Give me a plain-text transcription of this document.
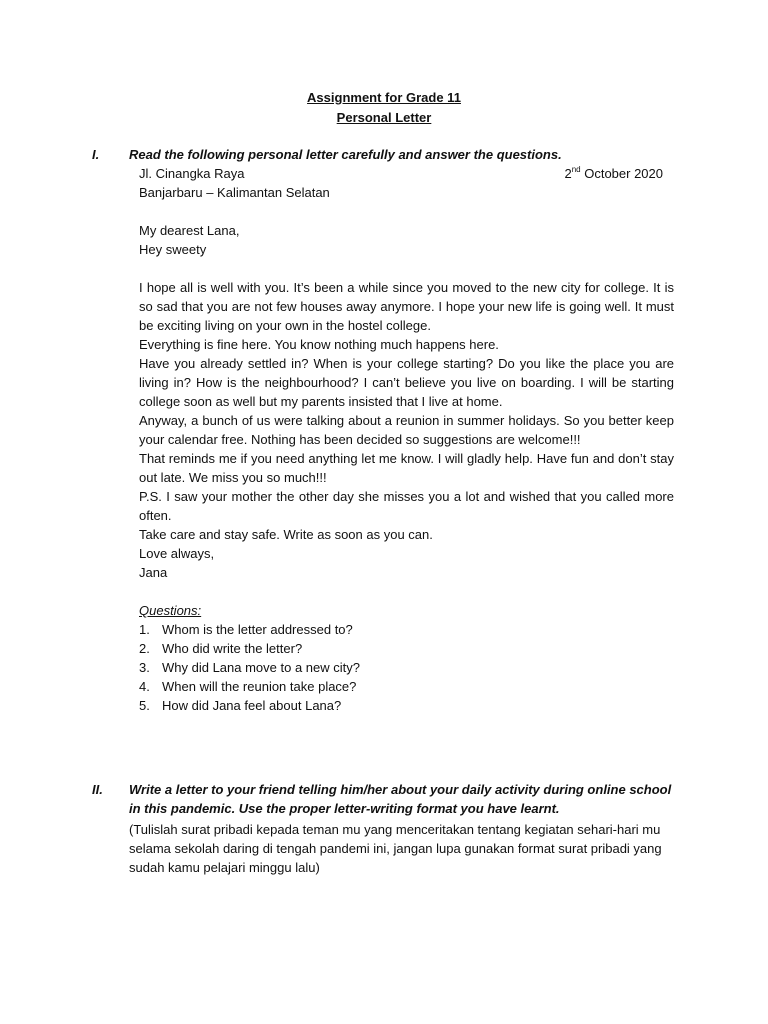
Assignment for Grade 11
Personal Letter
I. Read the following personal letter carefully and answer the questions.
Jl. Cinangka Raya	2nd October 2020
Banjarbaru – Kalimantan Selatan
My dearest Lana,
Hey sweety
I hope all is well with you. It’s been a while since you moved to the new city for college. It is so sad that you are not few houses away anymore. I hope your new life is going well. It must be exciting living on your own in the hostel college.
Everything is fine here. You know nothing much happens here.
Have you already settled in? When is your college starting? Do you like the place you are living in? How is the neighbourhood? I can’t believe you live on boarding. I will be starting college soon as well but my parents insisted that I live at home.
Anyway, a bunch of us were talking about a reunion in summer holidays. So you better keep your calendar free. Nothing has been decided so suggestions are welcome!!!
That reminds me if you need anything let me know. I will gladly help. Have fun and don’t stay out late. We miss you so much!!!
P.S. I saw your mother the other day she misses you a lot and wished that you called more often.
Take care and stay safe. Write as soon as you can.
Love always,
Jana
Questions:
1. Whom is the letter addressed to?
2. Who did write the letter?
3. Why did Lana move to a new city?
4. When will the reunion take place?
5. How did Jana feel about Lana?
II. Write a letter to your friend telling him/her about your daily activity during online school in this pandemic. Use the proper letter-writing format you have learnt.
(Tulislah surat pribadi kepada teman mu yang menceritakan tentang kegiatan sehari-hari mu selama sekolah daring di tengah pandemi ini, jangan lupa gunakan format surat pribadi yang sudah kamu pelajari minggu lalu)
